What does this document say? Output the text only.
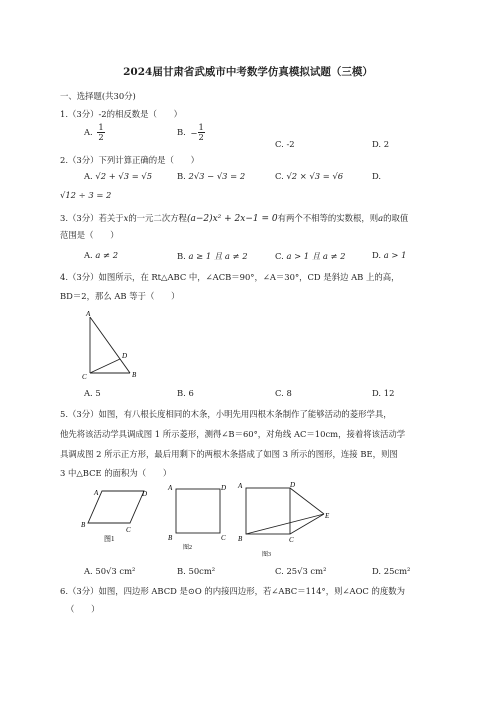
2024届甘肃省武威市中考数学仿真模拟试题（三模）
一、选择题(共30分)
1.（3分）-2的相反数是（　　）
A. $\frac{1}{2}$	B. − $\frac{1}{2}$
C. -2	D. 2
2.（3分）下列计算正确的是（　　）
A. √2 + √3 = √5	B. 2√3 − √3 = 2	C. √2 × √3 = √6	D.
√12 ÷ 3 = 2
3.（3分）若关于x的一元二次方程(a−2)x² + 2x−1 = 0有两个不相等的实数根，则a的取值
范围是（　　）
A. a ≠ 2	B. a ≥ 1 且 a ≠ 2	C. a > 1 且 a ≠ 2	D. a > 1
4.（3分）如图所示，在 Rt△ABC 中，∠ACB＝90°，∠A＝30°，CD 是斜边 AB 上的高，
BD＝2，那么 AB 等于（　　）
A
D
C	B
A. 5	B. 6	C. 8	D. 12
5.（3分）如图，有八根长度相同的木条，小明先用四根木条制作了能够活动的菱形学具，
他先将该活动学具调成图 1 所示菱形，测得∠B＝60°，对角线 AC＝10cm，接着将该活动学
具调成图 2 所示正方形，最后用剩下的两根木条搭成了如图 3 所示的图形，连接 BE，则图
3 中△BCE 的面积为（　　）
A	D
B
C
图1
A	D
B	C
图2
A	D
E
B	C
图3
A. 50√3 cm²	B. 50cm²	C. 25√3 cm²	D. 25cm²
6.（3分）如图，四边形 ABCD 是⊙O 的内接四边形，若∠ABC＝114°，则∠AOC 的度数为
（　　）
